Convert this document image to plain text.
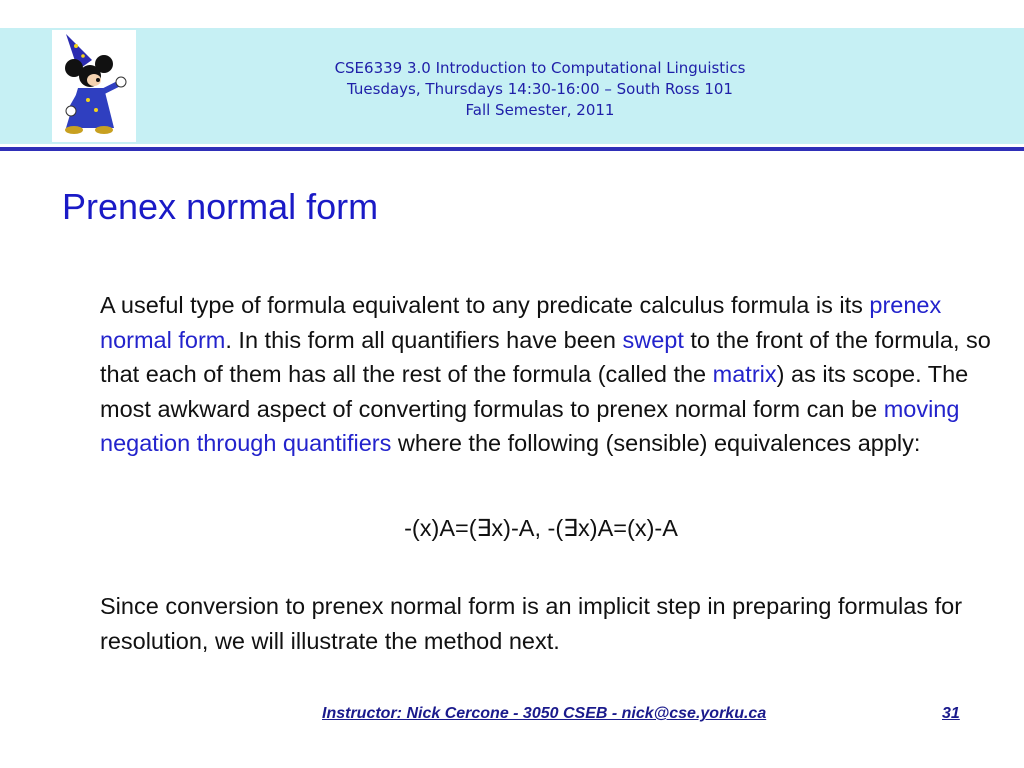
CSE6339 3.0 Introduction to Computational Linguistics
Tuesdays, Thursdays 14:30-16:00 – South Ross 101
Fall Semester, 2011
Prenex normal form
A useful type of formula equivalent to any predicate calculus formula is its prenex normal form. In this form all quantifiers have been swept to the front of the formula, so that each of them has all the rest of the formula (called the matrix) as its scope. The most awkward aspect of converting formulas to prenex normal form can be moving negation through quantifiers where the following (sensible) equivalences apply:
-(x)A=(∃x)-A, -(∃x)A=(x)-A
Since conversion to prenex normal form is an implicit step in preparing formulas for resolution, we will illustrate the method next.
Instructor: Nick Cercone - 3050 CSEB - nick@cse.yorku.ca	31
